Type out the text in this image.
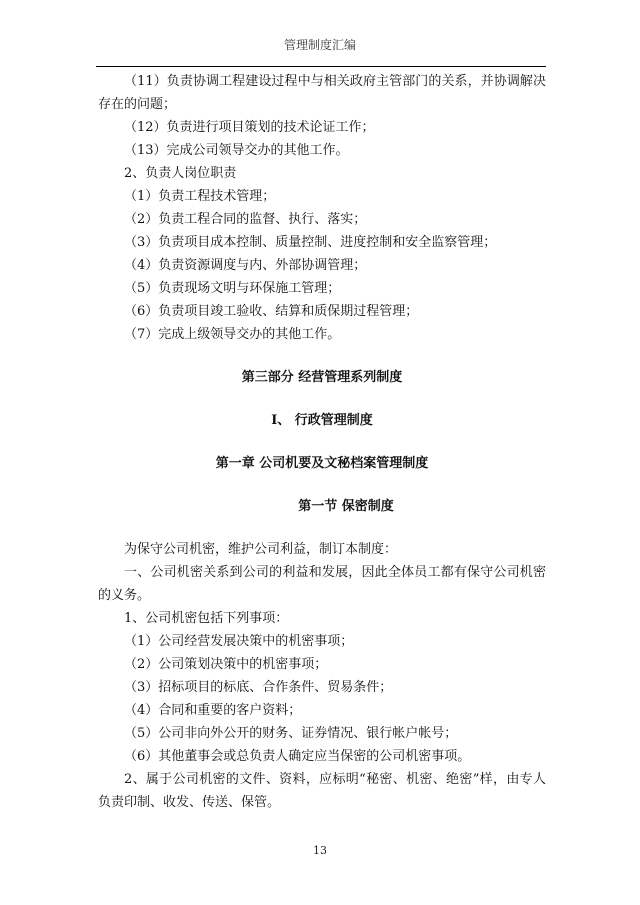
管理制度汇编

（11）负责协调工程建设过程中与相关政府主管部门的关系，并协调解决存在的问题；

（12）负责进行项目策划的技术论证工作；

（13）完成公司领导交办的其他工作。

2、负责人岗位职责

（1）负责工程技术管理；

（2）负责工程合同的监督、执行、落实；

（3）负责项目成本控制、质量控制、进度控制和安全监察管理；

（4）负责资源调度与内、外部协调管理；

（5）负责现场文明与环保施工管理；

（6）负责项目竣工验收、结算和质保期过程管理；

（7）完成上级领导交办的其他工作。

第三部分 经营管理系列制度

Ⅰ、 行政管理制度

第一章 公司机要及文秘档案管理制度

第一节 保密制度

为保守公司机密，维护公司利益，制订本制度：

一、公司机密关系到公司的利益和发展，因此全体员工都有保守公司机密的义务。

1、公司机密包括下列事项：

（1）公司经营发展决策中的机密事项；

（2）公司策划决策中的机密事项；

（3）招标项目的标底、合作条件、贸易条件；

（4）合同和重要的客户资料；

（5）公司非向外公开的财务、证券情况、银行帐户帐号；

（6）其他董事会或总负责人确定应当保密的公司机密事项。

2、属于公司机密的文件、资料，应标明“秘密、机密、绝密”样，由专人负责印制、收发、传送、保管。

13
